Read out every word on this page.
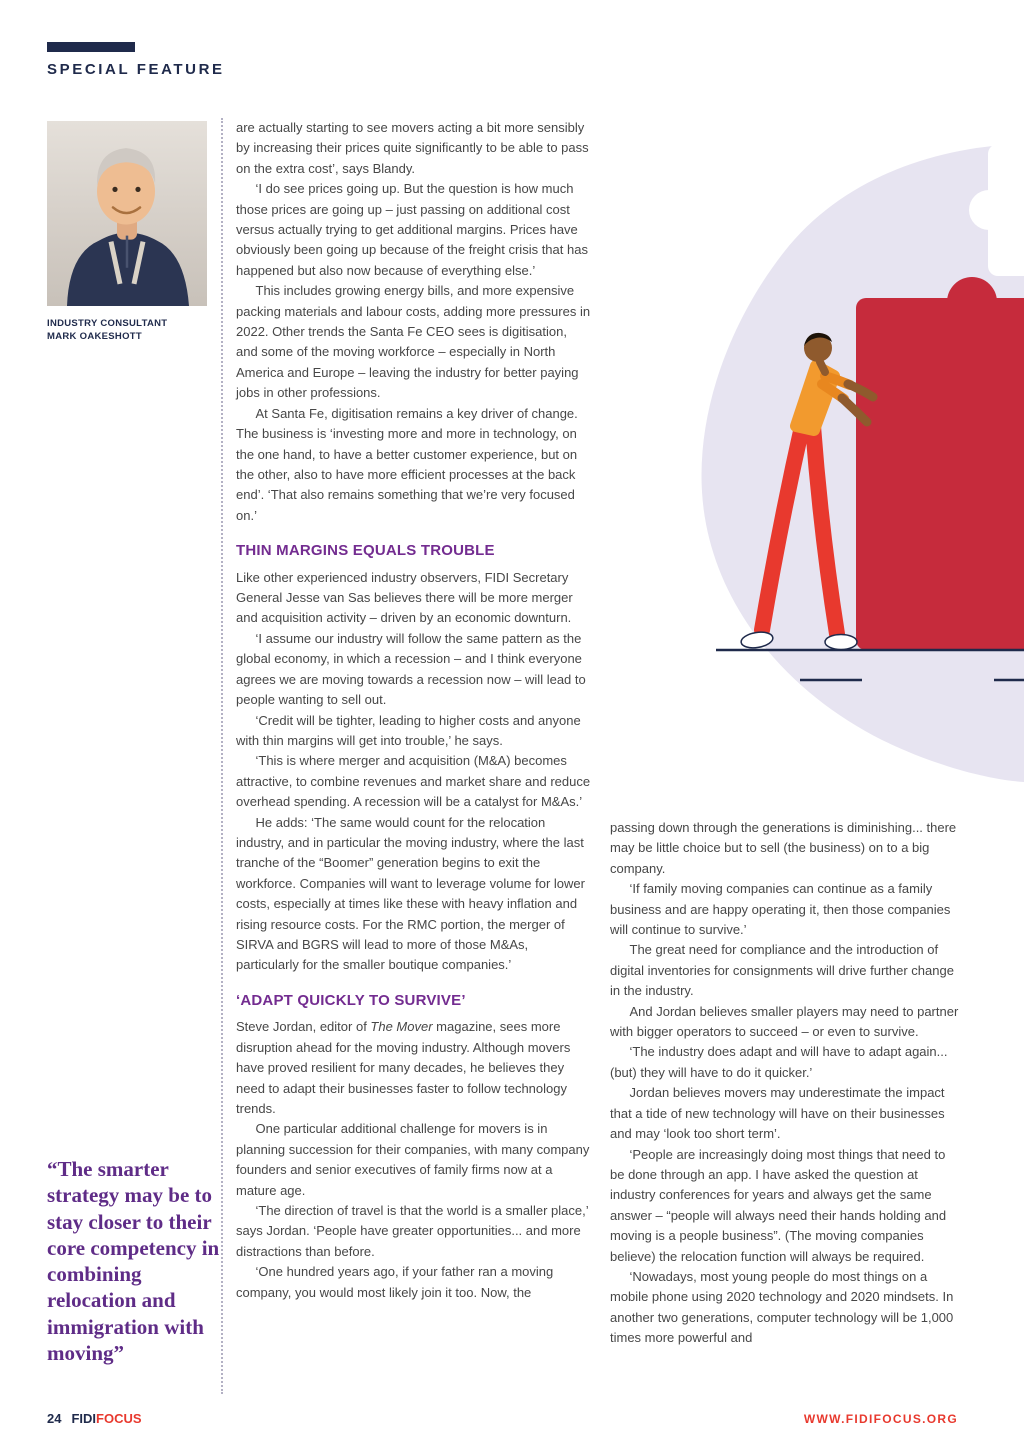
SPECIAL FEATURE
INDUSTRY CONSULTANT
MARK OAKESHOTT

are actually starting to see movers acting a bit more sensibly by increasing their prices quite significantly to be able to pass on the extra cost’, says Blandy.

‘I do see prices going up. But the question is how much those prices are going up – just passing on additional cost versus actually trying to get additional margins. Prices have obviously been going up because of the freight crisis that has happened but also now because of everything else.’

This includes growing energy bills, and more expensive packing materials and labour costs, adding more pressures in 2022. Other trends the Santa Fe CEO sees is digitisation, and some of the moving workforce – especially in North America and Europe – leaving the industry for better paying jobs in other professions.

At Santa Fe, digitisation remains a key driver of change. The business is ‘investing more and more in technology, on the one hand, to have a better customer experience, but on the other, also to have more efficient processes at the back end’. ‘That also remains something that we’re very focused on.’

THIN MARGINS EQUALS TROUBLE

Like other experienced industry observers, FIDI Secretary General Jesse van Sas believes there will be more merger and acquisition activity – driven by an economic downturn.

‘I assume our industry will follow the same pattern as the global economy, in which a recession – and I think everyone agrees we are moving towards a recession now – will lead to people wanting to sell out.

‘Credit will be tighter, leading to higher costs and anyone with thin margins will get into trouble,’ he says.

‘This is where merger and acquisition (M&A) becomes attractive, to combine revenues and market share and reduce overhead spending. A recession will be a catalyst for M&As.’

He adds: ‘The same would count for the relocation industry, and in particular the moving industry, where the last tranche of the “Boomer” generation begins to exit the workforce. Companies will want to leverage volume for lower costs, especially at times like these with heavy inflation and rising resource costs. For the RMC portion, the merger of SIRVA and BGRS will lead to more of those M&As, particularly for the smaller boutique companies.’

‘ADAPT QUICKLY TO SURVIVE’

Steve Jordan, editor of The Mover magazine, sees more disruption ahead for the moving industry. Although movers have proved resilient for many decades, he believes they need to adapt their businesses faster to follow technology trends.

One particular additional challenge for movers is in planning succession for their companies, with many company founders and senior executives of family firms now at a mature age.

‘The direction of travel is that the world is a smaller place,’ says Jordan. ‘People have greater opportunities... and more distractions than before.

‘One hundred years ago, if your father ran a moving company, you would most likely join it too. Now, the

passing down through the generations is diminishing... there may be little choice but to sell (the business) on to a big company.

‘If family moving companies can continue as a family business and are happy operating it, then those companies will continue to survive.’

The great need for compliance and the introduction of digital inventories for consignments will drive further change in the industry.

And Jordan believes smaller players may need to partner with bigger operators to succeed – or even to survive.

‘The industry does adapt and will have to adapt again... (but) they will have to do it quicker.’

Jordan believes movers may underestimate the impact that a tide of new technology will have on their businesses and may ‘look too short term’.

‘People are increasingly doing most things that need to be done through an app. I have asked the question at industry conferences for years and always get the same answer – “people will always need their hands holding and moving is a people business”. (The moving companies believe) the relocation function will always be required.

‘Nowadays, most young people do most things on a mobile phone using 2020 technology and 2020 mindsets. In another two generations, computer technology will be 1,000 times more powerful and

“The smarter strategy may be to stay closer to their core competency in combining relocation and immigration with moving”
24 FIDIFOCUS	WWW.FIDIFOCUS.ORG
